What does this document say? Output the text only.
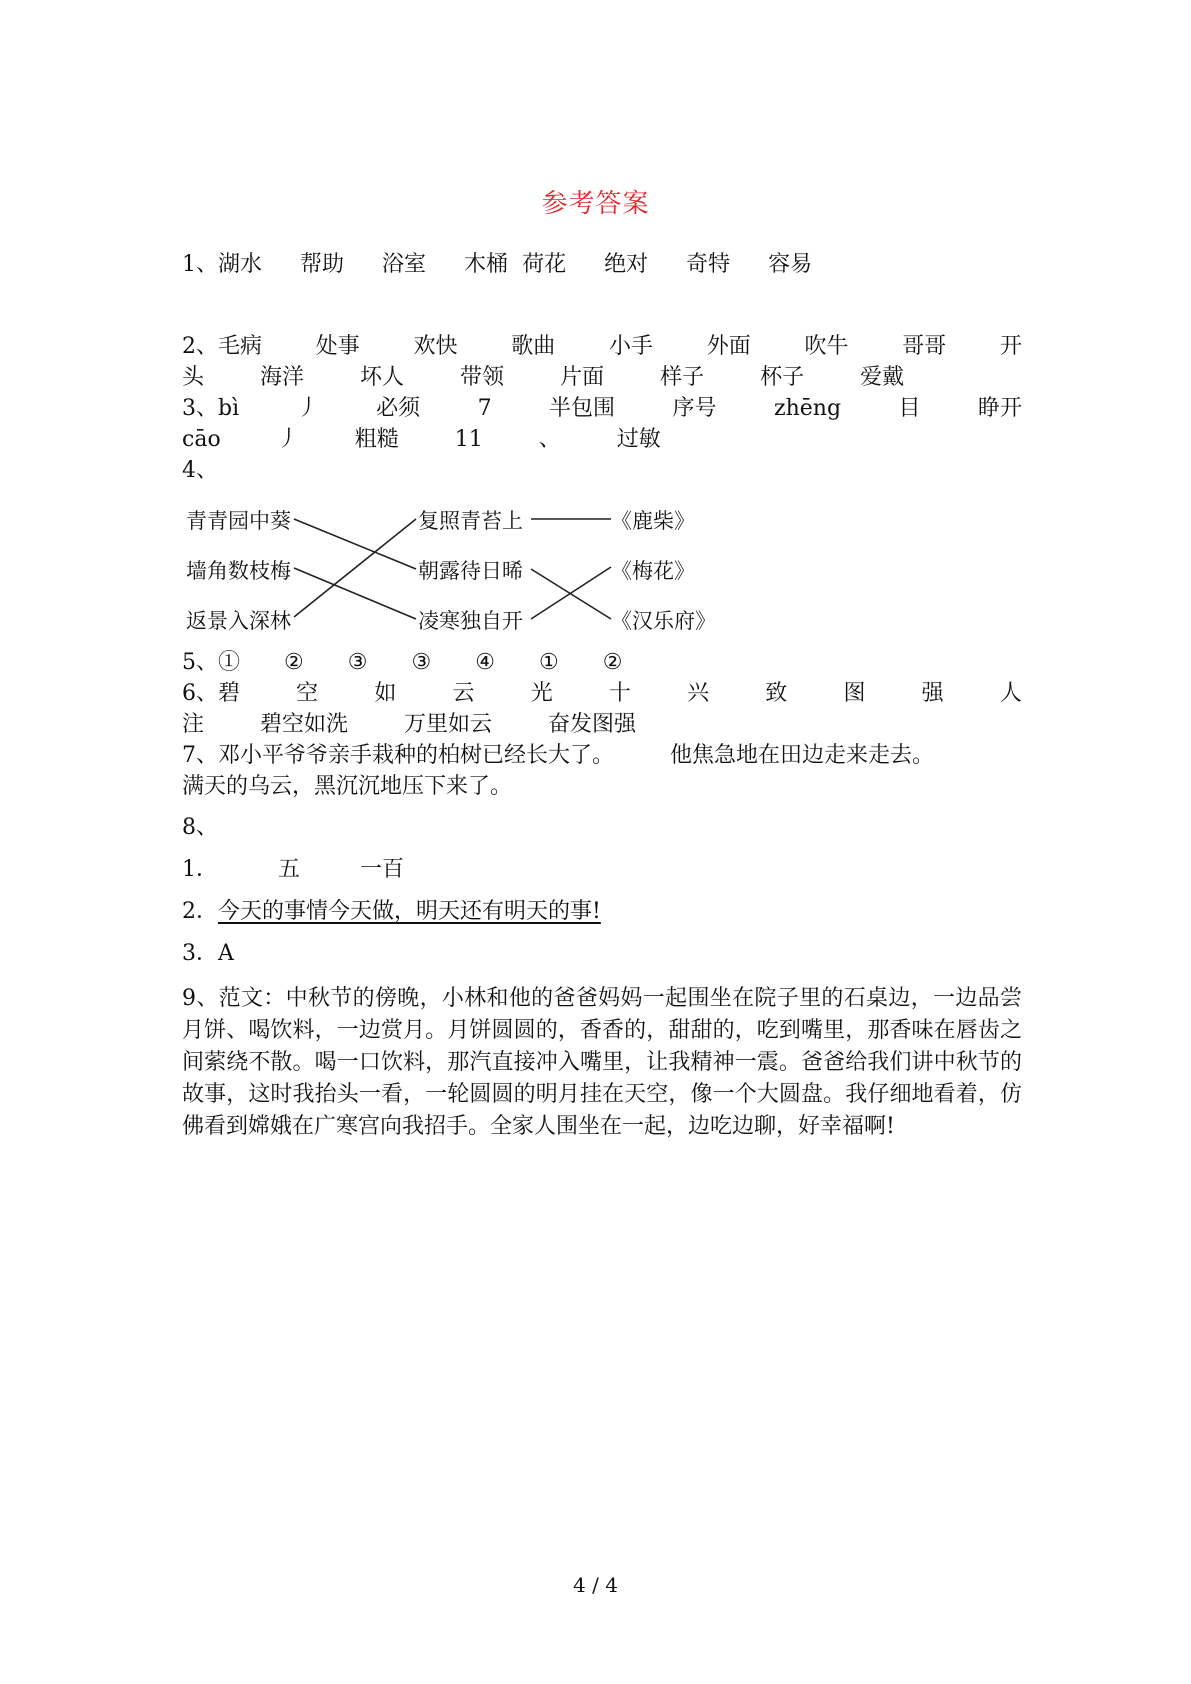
参考答案
1、湖水 帮助 浴室 木桶 荷花 绝对 奇特 容易
2、毛病 处事 欢快 歌曲 小手 外面 吹牛 哥哥 开
头	海洋	坏人	带领	片面	样子	杯子	爱戴
3、bì	丿	必须	7	半包围	序号	zhēng	目	睁开
cāo	丿	粗糙	11	、	过敏
4、
青青园中葵
墙角数枝梅
返景入深林
复照青苔上
朝露待日晞
凌寒独自开
《鹿柴》
《梅花》
《汉乐府》
5、① ② ③ ③ ④ ① ②
6、碧	空	如	云	光	十	兴	致	图	强	人
注	碧空如洗	万里如云	奋发图强
7、邓小平爷爷亲手栽种的柏树已经长大了。	他焦急地在田边走来走去。
满天的乌云，黑沉沉地压下来了。
8、
1．	五	一百
2．今天的事情今天做，明天还有明天的事!
3．A
9、范文：中秋节的傍晚，小林和他的爸爸妈妈一起围坐在院子里的石桌边，一边品尝月饼、喝饮料，一边赏月。月饼圆圆的，香香的，甜甜的，吃到嘴里，那香味在唇齿之间萦绕不散。喝一口饮料，那汽直接冲入嘴里，让我精神一震。爸爸给我们讲中秋节的故事，这时我抬头一看，一轮圆圆的明月挂在天空，像一个大圆盘。我仔细地看着，仿佛看到嫦娥在广寒宫向我招手。全家人围坐在一起，边吃边聊，好幸福啊!
4 / 4
